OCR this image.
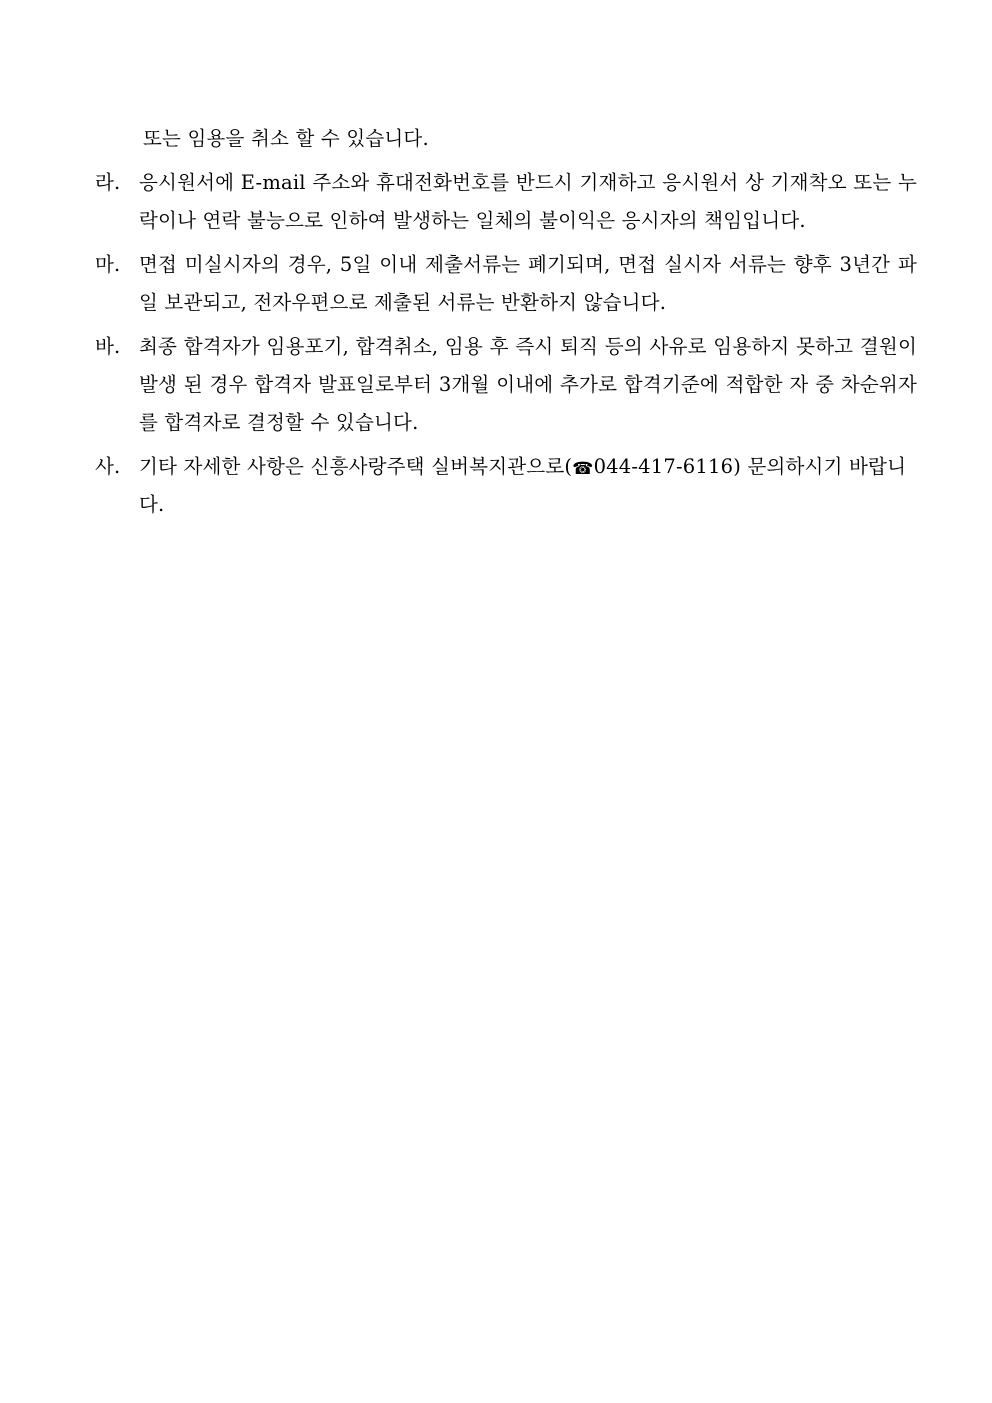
또는 임용을 취소 할 수 있습니다.

라. 응시원서에 E-mail 주소와 휴대전화번호를 반드시 기재하고 응시원서 상 기재착오 또는 누락이나 연락 불능으로 인하여 발생하는 일체의 불이익은 응시자의 책임입니다.
마. 면접 미실시자의 경우, 5일 이내 제출서류는 폐기되며, 면접 실시자 서류는 향후 3년간 파일 보관되고, 전자우편으로 제출된 서류는 반환하지 않습니다.
바. 최종 합격자가 임용포기, 합격취소, 임용 후 즉시 퇴직 등의 사유로 임용하지 못하고 결원이 발생 된 경우 합격자 발표일로부터 3개월 이내에 추가로 합격기준에 적합한 자 중 차순위자를 합격자로 결정할 수 있습니다.
사. 기타 자세한 사항은 신흥사랑주택 실버복지관으로(☎044-417-6116) 문의하시기 바랍니다.
